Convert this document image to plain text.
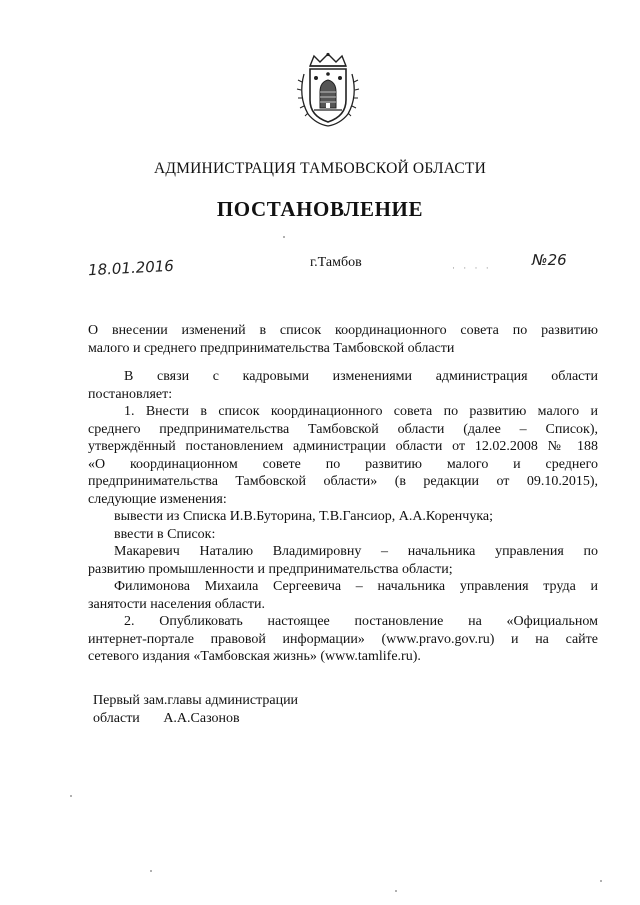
АДМИНИСТРАЦИЯ ТАМБОВСКОЙ ОБЛАСТИ
ПОСТАНОВЛЕНИЕ
18.01.2016	г.Тамбов	· · · ·	№26
О внесении изменений в список координационного совета по развитию
малого и среднего предпринимательства Тамбовской области

В связи с кадровыми изменениями администрация области

постановляет:

1. Внести в список координационного совета по развитию малого и

среднего предпринимательства Тамбовской области (далее – Список),

утверждённый постановлением администрации области от 12.02.2008 № 188

«О координационном совете по развитию малого и среднего

предпринимательства Тамбовской области» (в редакции от 09.10.2015),

следующие изменения:

вывести из Списка И.В.Буторина, Т.В.Гансиор, А.А.Коренчука;

ввести в Список:

Макаревич Наталию Владимировну – начальника управления по

развитию промышленности и предпринимательства области;

Филимонова Михаила Сергеевича – начальника управления труда и

занятости населения области.

2. Опубликовать настоящее постановление на «Официальном

интернет-портале правовой информации» (www.pravo.gov.ru) и на сайте

сетевого издания «Тамбовская жизнь» (www.tamlife.ru).

Первый зам.главы администрации

области А.А.Сазонов
